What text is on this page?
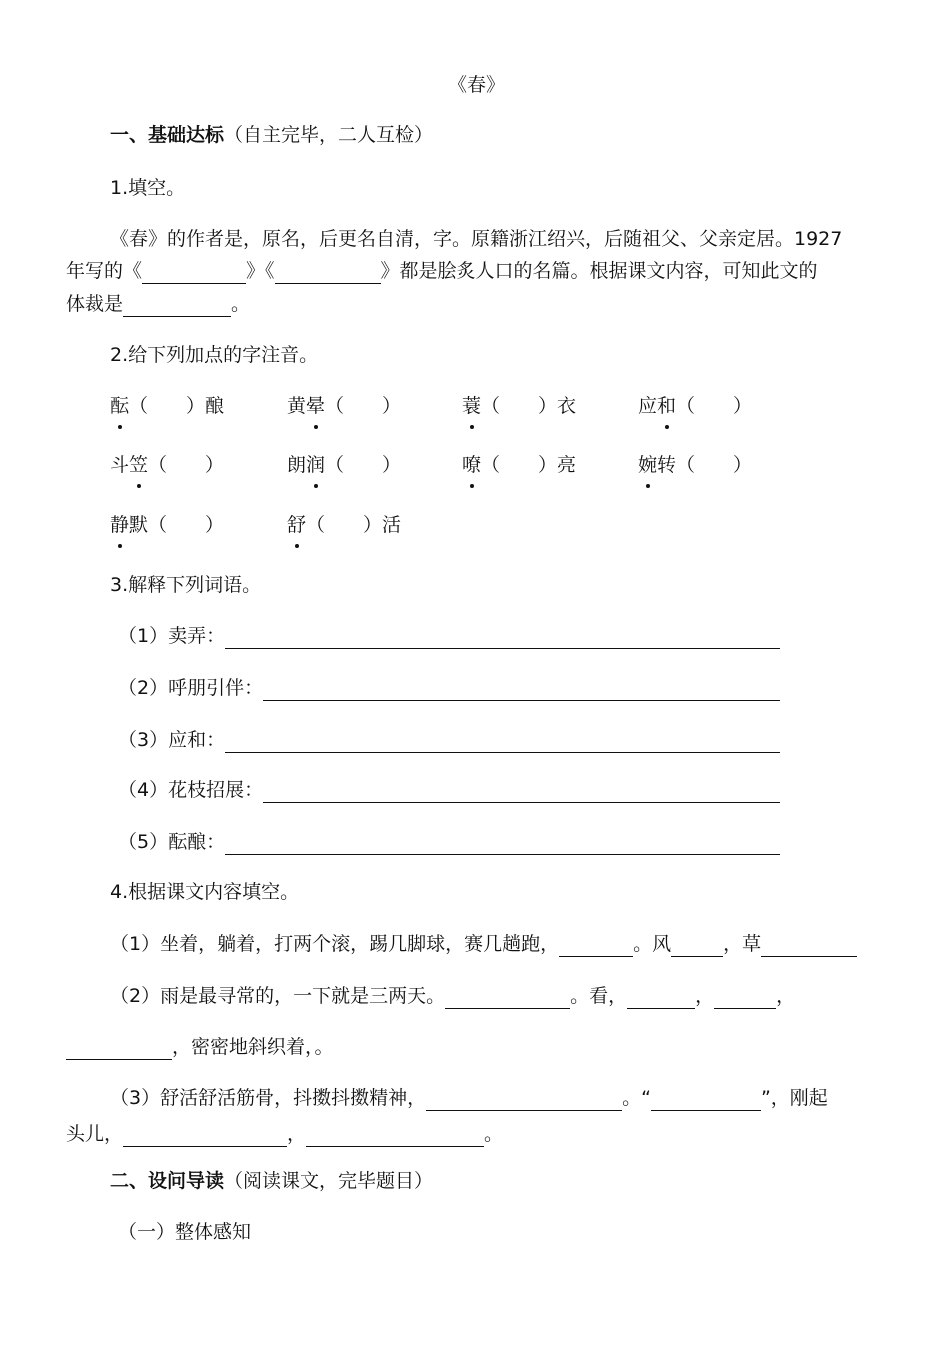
《春》
一、基础达标（自主完毕，二人互检）
1.填空。
《春》的作者是，原名，后更名自清，字。原籍浙江绍兴，后随祖父、父亲定居。1927
年写的《	》《	》都是脍炙人口的名篇。根据课文内容，可知此文的
体裁是	。
2.给下列加点的字注音。
酝（　　）酿	黄晕（　　）	蓑（　　）衣	应和（　　）
斗笠（　　）	朗润（　　）	嘹（　　）亮	婉转（　　）
静默（　　）	舒（　　）活
3.解释下列词语。
（1）卖弄：
（2）呼朋引伴：
（3）应和：
（4）花枝招展：
（5）酝酿：
4.根据课文内容填空。
（1）坐着，躺着，打两个滚，踢几脚球，赛几趟跑，	。风	，草
（2）雨是最寻常的，一下就是三两天。	。看，	，	，
，密密地斜织着，。
（3）舒活舒活筋骨，抖擞抖擞精神，	。“	”，刚起
头儿，	，	。
二、设问导读（阅读课文，完毕题目）
（一）整体感知
